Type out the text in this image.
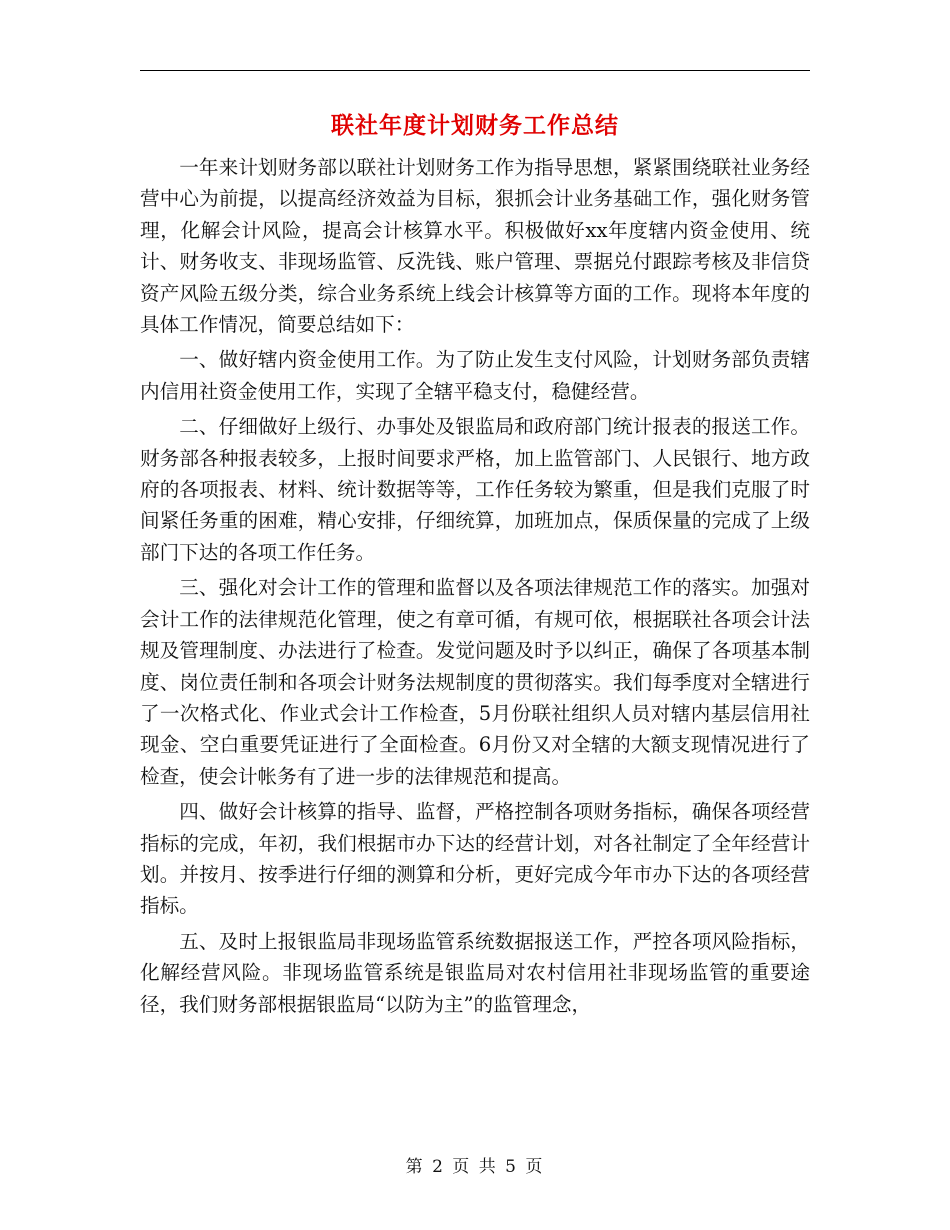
联社年度计划财务工作总结

一年来计划财务部以联社计划财务工作为指导思想，紧紧围绕联社业务经营中心为前提，以提高经济效益为目标，狠抓会计业务基础工作，强化财务管理，化解会计风险，提高会计核算水平。积极做好xx年度辖内资金使用、统计、财务收支、非现场监管、反洗钱、账户管理、票据兑付跟踪考核及非信贷资产风险五级分类，综合业务系统上线会计核算等方面的工作。现将本年度的具体工作情况，简要总结如下：

一、做好辖内资金使用工作。为了防止发生支付风险，计划财务部负责辖内信用社资金使用工作，实现了全辖平稳支付，稳健经营。

二、仔细做好上级行、办事处及银监局和政府部门统计报表的报送工作。财务部各种报表较多，上报时间要求严格，加上监管部门、人民银行、地方政府的各项报表、材料、统计数据等等，工作任务较为繁重，但是我们克服了时间紧任务重的困难，精心安排，仔细统算，加班加点，保质保量的完成了上级部门下达的各项工作任务。

三、强化对会计工作的管理和监督以及各项法律规范工作的落实。加强对会计工作的法律规范化管理，使之有章可循，有规可依，根据联社各项会计法规及管理制度、办法进行了检查。发觉问题及时予以纠正，确保了各项基本制度、岗位责任制和各项会计财务法规制度的贯彻落实。我们每季度对全辖进行了一次格式化、作业式会计工作检查，5月份联社组织人员对辖内基层信用社现金、空白重要凭证进行了全面检查。6月份又对全辖的大额支现情况进行了检查，使会计帐务有了进一步的法律规范和提高。

四、做好会计核算的指导、监督，严格控制各项财务指标，确保各项经营指标的完成，年初，我们根据市办下达的经营计划，对各社制定了全年经营计划。并按月、按季进行仔细的测算和分析，更好完成今年市办下达的各项经营指标。

五、及时上报银监局非现场监管系统数据报送工作，严控各项风险指标，化解经营风险。非现场监管系统是银监局对农村信用社非现场监管的重要途径，我们财务部根据银监局“以防为主”的监管理念，

第 2 页 共 5 页
